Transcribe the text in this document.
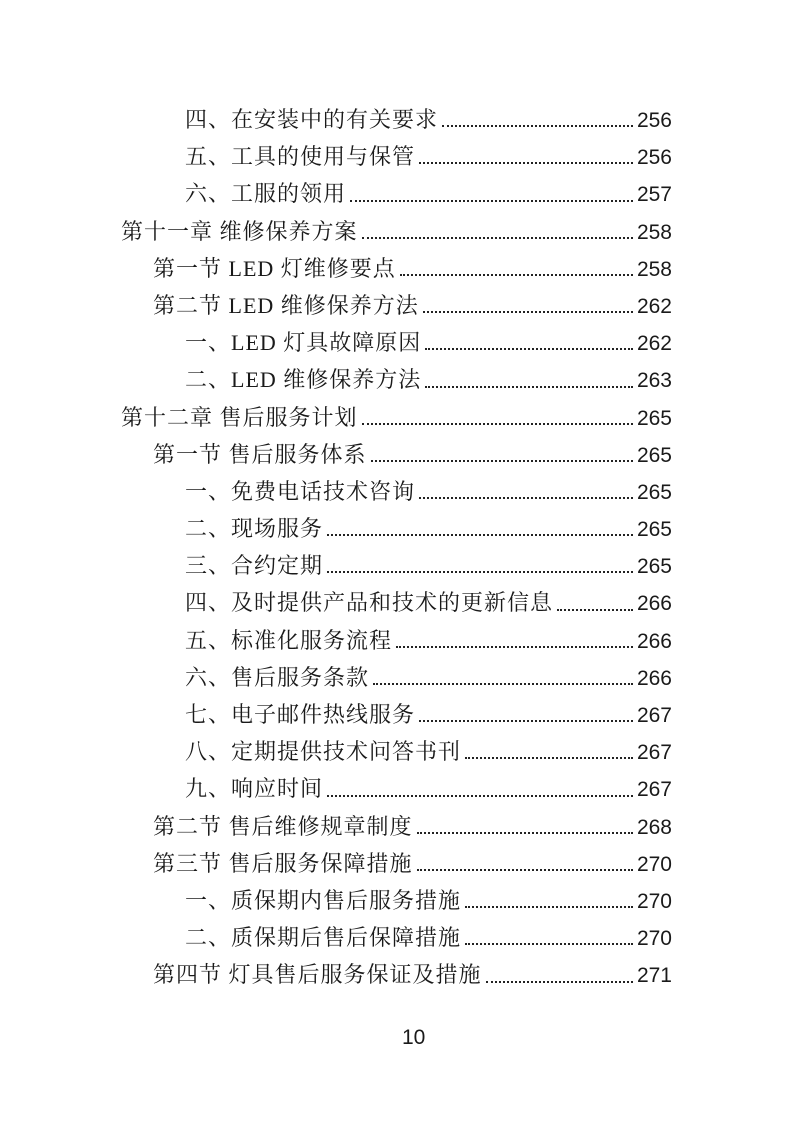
四、在安装中的有关要求	256
五、工具的使用与保管	256
六、工服的领用	257
第十一章 维修保养方案	258
第一节 LED 灯维修要点	258
第二节 LED 维修保养方法	262
一、LED 灯具故障原因	262
二、LED 维修保养方法	263
第十二章 售后服务计划	265
第一节 售后服务体系	265
一、免费电话技术咨询	265
二、现场服务	265
三、合约定期	265
四、及时提供产品和技术的更新信息	266
五、标准化服务流程	266
六、售后服务条款	266
七、电子邮件热线服务	267
八、定期提供技术问答书刊	267
九、响应时间	267
第二节 售后维修规章制度	268
第三节 售后服务保障措施	270
一、质保期内售后服务措施	270
二、质保期后售后保障措施	270
第四节 灯具售后服务保证及措施	271
10
